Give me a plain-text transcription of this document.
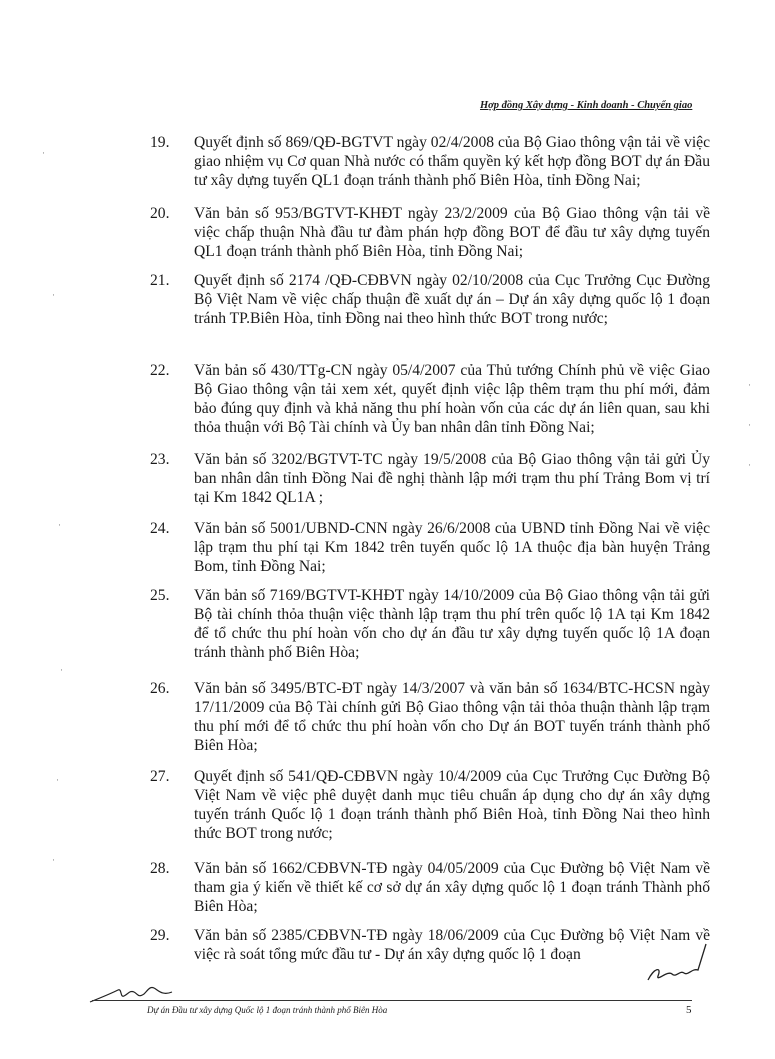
Hợp đồng Xây dựng - Kinh doanh - Chuyển giao
19.	Quyết định số 869/QĐ-BGTVT ngày 02/4/2008 của Bộ Giao thông vận tải về việc giao nhiệm vụ Cơ quan Nhà nước có thẩm quyền ký kết hợp đồng BOT dự án Đầu tư xây dựng tuyến QL1 đoạn tránh thành phố Biên Hòa, tỉnh Đồng Nai;
20.	Văn bản số 953/BGTVT-KHĐT ngày 23/2/2009 của Bộ Giao thông vận tải về việc chấp thuận Nhà đầu tư đàm phán hợp đồng BOT để đầu tư xây dựng tuyến QL1 đoạn tránh thành phố Biên Hòa, tỉnh Đồng Nai;
21.	Quyết định số 2174 /QĐ-CĐBVN ngày 02/10/2008 của Cục Trưởng Cục Đường Bộ Việt Nam về việc chấp thuận đề xuất dự án – Dự án xây dựng quốc lộ 1 đoạn tránh TP.Biên Hòa, tỉnh Đồng nai theo hình thức BOT trong nước;
22.	Văn bản số 430/TTg-CN ngày 05/4/2007 của Thủ tướng Chính phủ về việc Giao Bộ Giao thông vận tải xem xét, quyết định việc lập thêm trạm thu phí mới, đảm bảo đúng quy định và khả năng thu phí hoàn vốn của các dự án liên quan, sau khi thỏa thuận với Bộ Tài chính và Ủy ban nhân dân tỉnh Đồng Nai;
23.	Văn bản số 3202/BGTVT-TC ngày 19/5/2008 của Bộ Giao thông vận tải gửi Ủy ban nhân dân tỉnh Đồng Nai đề nghị thành lập mới trạm thu phí Trảng Bom vị trí tại Km 1842 QL1A ;
24.	Văn bản số 5001/UBND-CNN ngày 26/6/2008 của UBND tỉnh Đồng Nai về việc lập trạm thu phí tại Km 1842 trên tuyến quốc lộ 1A thuộc địa bàn huyện Trảng Bom, tỉnh Đồng Nai;
25.	Văn bản số 7169/BGTVT-KHĐT ngày 14/10/2009 của Bộ Giao thông vận tải gửi Bộ tài chính thỏa thuận việc thành lập trạm thu phí trên quốc lộ 1A tại Km 1842 để tổ chức thu phí hoàn vốn cho dự án đầu tư xây dựng tuyến quốc lộ 1A đoạn tránh thành phố Biên Hòa;
26.	Văn bản số 3495/BTC-ĐT ngày 14/3/2007 và văn bản số 1634/BTC-HCSN ngày 17/11/2009 của Bộ Tài chính gửi Bộ Giao thông vận tải thỏa thuận thành lập trạm thu phí mới để tổ chức thu phí hoàn vốn cho Dự án BOT tuyến tránh thành phố Biên Hòa;
27.	Quyết định số 541/QĐ-CĐBVN ngày 10/4/2009 của Cục Trưởng Cục Đường Bộ Việt Nam về việc phê duyệt danh mục tiêu chuẩn áp dụng cho dự án xây dựng tuyến tránh Quốc lộ 1 đoạn tránh thành phố Biên Hoà, tỉnh Đồng Nai theo hình thức BOT trong nước;
28.	Văn bản số 1662/CĐBVN-TĐ ngày 04/05/2009 của Cục Đường bộ Việt Nam về tham gia ý kiến về thiết kế cơ sở dự án xây dựng quốc lộ 1 đoạn tránh Thành phố Biên Hòa;
29.	Văn bản số 2385/CĐBVN-TĐ ngày 18/06/2009 của Cục Đường bộ Việt Nam về việc rà soát tổng mức đầu tư - Dự án xây dựng quốc lộ 1 đoạn
Dự án Đầu tư xây dựng Quốc lộ 1 đoạn tránh thành phố Biên Hòa	5
·
·
·
·
·
·
·
·
·
